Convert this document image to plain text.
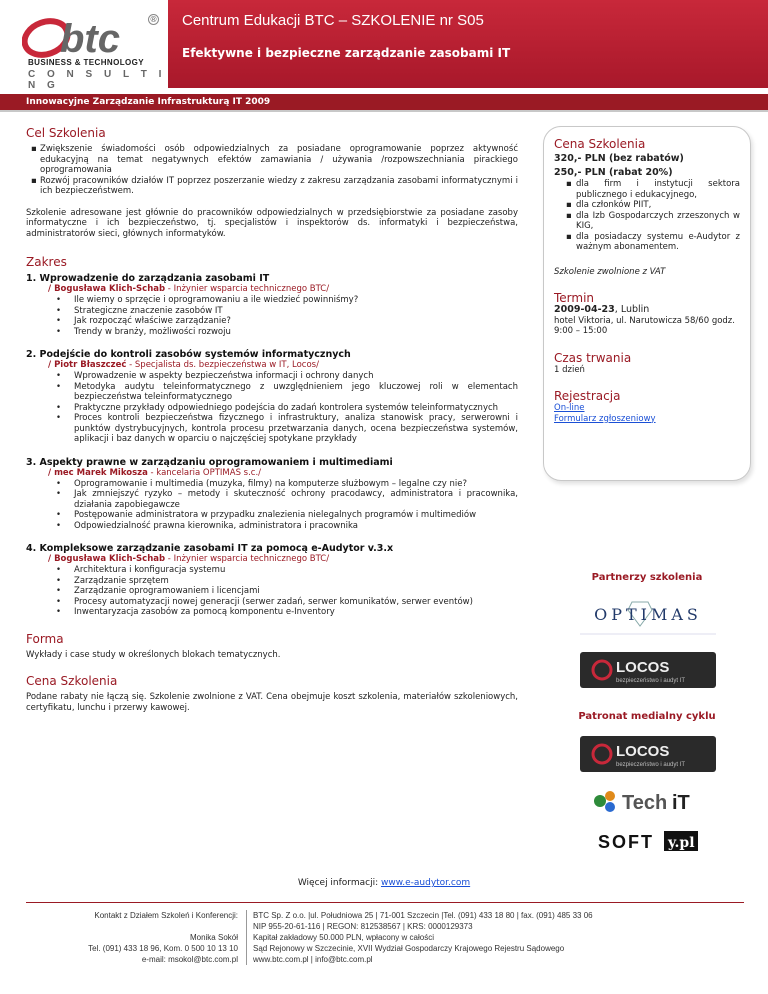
btc	®
BUSINESS & TECHNOLOGY
C O N S U L T I N G
Centrum Edukacji BTC – SZKOLENIE nr S05
Efektywne i bezpieczne zarządzanie zasobami IT
Innowacyjne Zarządzanie Infrastrukturą IT 2009
Cel Szkolenia
▪ Zwiększenie świadomości osób odpowiedzialnych za posiadane oprogramowanie poprzez aktywność edukacyjną na temat negatywnych efektów zamawiania / używania /rozpowszechniania pirackiego oprogramowania
▪ Rozwój pracowników działów IT poprzez poszerzanie wiedzy z zakresu zarządzania zasobami informatycznymi i ich bezpieczeństwem.

Szkolenie adresowane jest głównie do pracowników odpowiedzialnych w przedsiębiorstwie za posiadane zasoby informatyczne i ich bezpieczeństwo, tj. specjalistów i inspektorów ds. informatyki i bezpieczeństwa, administratorów sieci, głównych informatyków.

Zakres
1. Wprowadzenie do zarządzania zasobami IT
/ Bogusława Klich-Schab - Inżynier wsparcia technicznego BTC/
• Ile wiemy o sprzęcie i oprogramowaniu a ile wiedzieć powinniśmy?
• Strategiczne znaczenie zasobów IT
• Jak rozpocząć właściwe zarządzanie?
• Trendy w branży, możliwości rozwoju
2. Podejście do kontroli zasobów systemów informatycznych
/ Piotr Błaszczeć - Specjalista ds. bezpieczeństwa w IT, Locos/
• Wprowadzenie w aspekty bezpieczeństwa informacji i ochrony danych
• Metodyka audytu teleinformatycznego z uwzględnieniem jego kluczowej roli w elementach bezpieczeństwa teleinformatycznego
• Praktyczne przykłady odpowiedniego podejścia do zadań kontrolera systemów teleinformatycznych
• Proces kontroli bezpieczeństwa fizycznego i infrastruktury, analiza stanowisk pracy, serwerowni i punktów dystrybucyjnych, kontrola procesu przetwarzania danych, ocena bezpieczeństwa systemów, aplikacji i baz danych w oparciu o najczęściej spotykane przykłady
3. Aspekty prawne w zarządzaniu oprogramowaniem i multimediami
/ mec Marek Mikosza - kancelaria OPTIMAS s.c./
• Oprogramowanie i multimedia (muzyka, filmy) na komputerze służbowym – legalne czy nie?
• Jak zmniejszyć ryzyko – metody i skuteczność ochrony pracodawcy, administratora i pracownika, działania zapobiegawcze
• Postępowanie administratora w przypadku znalezienia nielegalnych programów i multimediów
• Odpowiedzialność prawna kierownika, administratora i pracownika
4. Kompleksowe zarządzanie zasobami IT za pomocą e-Audytor v.3.x
/ Bogusława Klich-Schab - Inżynier wsparcia technicznego BTC/
• Architektura i konfiguracja systemu
• Zarządzanie sprzętem
• Zarządzanie oprogramowaniem i licencjami
• Procesy automatyzacji nowej generacji (serwer zadań, serwer komunikatów, serwer eventów)
• Inwentaryzacja zasobów za pomocą komponentu e-Inventory
Forma

Wykłady i case study w określonych blokach tematycznych.

Cena Szkolenia

Podane rabaty nie łączą się. Szkolenie zwolnione z VAT. Cena obejmuje koszt szkolenia, materiałów szkoleniowych, certyfikatu, lunchu i przerwy kawowej.

Cena Szkolenia
320,- PLN (bez rabatów)
250,- PLN (rabat 20%)
▪ dla firm i instytucji sektora publicznego i edukacyjnego,
▪ dla członków PIIT,
▪ dla Izb Gospodarczych zrzeszonych w KIG,
▪ dla posiadaczy systemu e-Audytor z ważnym abonamentem.
Szkolenie zwolnione z VAT
Termin
2009-04-23, Lublin
hotel Viktoria, ul. Narutowicza 58/60 godz. 9:00 – 15:00
Czas trwania
1 dzień
Rejestracja
On-line
Formularz zgłoszeniowy
Partnerzy szkolenia
OPTIMAS
LOCOS
bezpieczeństwo i audyt IT
Patronat medialny cyklu
LOCOS
bezpieczeństwo i audyt IT
Tech iT
SOFT y.pl
Więcej informacji: www.e-audytor.com
Kontakt z Działem Szkoleń i Konferencji:
Monika Sokół
Tel. (091) 433 18 96, Kom. 0 500 10 13 10
e-mail: msokol@btc.com.pl
BTC Sp. Z o.o. |ul. Południowa 25 | 71-001 Szczecin |Tel. (091) 433 18 80 | fax. (091) 485 33 06
NIP 955-20-61-116 | REGON: 812538567 | KRS: 0000129373
Kapitał zakładowy 50.000 PLN, wpłacony w całości
Sąd Rejonowy w Szczecinie, XVII Wydział Gospodarczy Krajowego Rejestru Sądowego
www.btc.com.pl | info@btc.com.pl
